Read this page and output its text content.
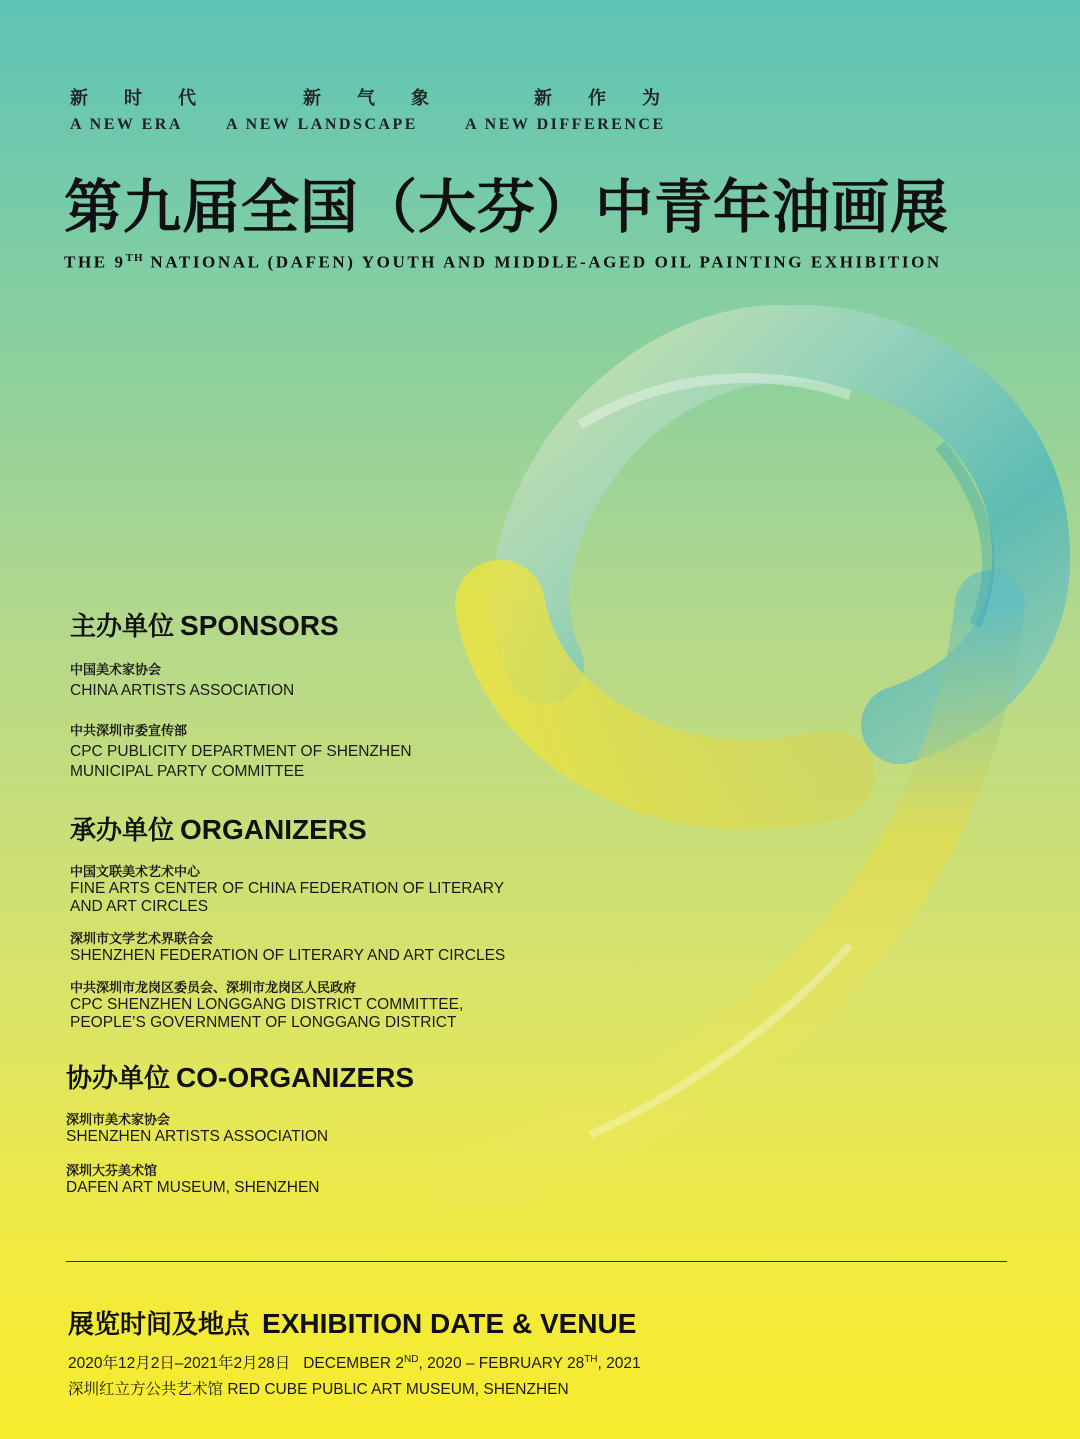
新时代	新气象	新作为
A NEW ERA	A NEW LANDSCAPE	A NEW DIFFERENCE
第九届全国（大芬）中青年油画展
THE 9TH NATIONAL (DAFEN) YOUTH AND MIDDLE-AGED OIL PAINTING EXHIBITION
主办单位 SPONSORS
中国美术家协会
CHINA ARTISTS ASSOCIATION
中共深圳市委宣传部
CPC PUBLICITY DEPARTMENT OF SHENZHEN
MUNICIPAL PARTY COMMITTEE
承办单位 ORGANIZERS
中国文联美术艺术中心
FINE ARTS CENTER OF CHINA FEDERATION OF LITERARY
AND ART CIRCLES
深圳市文学艺术界联合会
SHENZHEN FEDERATION OF LITERARY AND ART CIRCLES
中共深圳市龙岗区委员会、深圳市龙岗区人民政府
CPC SHENZHEN LONGGANG DISTRICT COMMITTEE,
PEOPLE’S GOVERNMENT OF LONGGANG DISTRICT
协办单位 CO-ORGANIZERS
深圳市美术家协会
SHENZHEN ARTISTS ASSOCIATION
深圳大芬美术馆
DAFEN ART MUSEUM, SHENZHEN
展览时间及地点 EXHIBITION DATE & VENUE
2020年12月2日–2021年2月28日 DECEMBER 2ND, 2020 – FEBRUARY 28TH, 2021
深圳红立方公共艺术馆 RED CUBE PUBLIC ART MUSEUM, SHENZHEN
